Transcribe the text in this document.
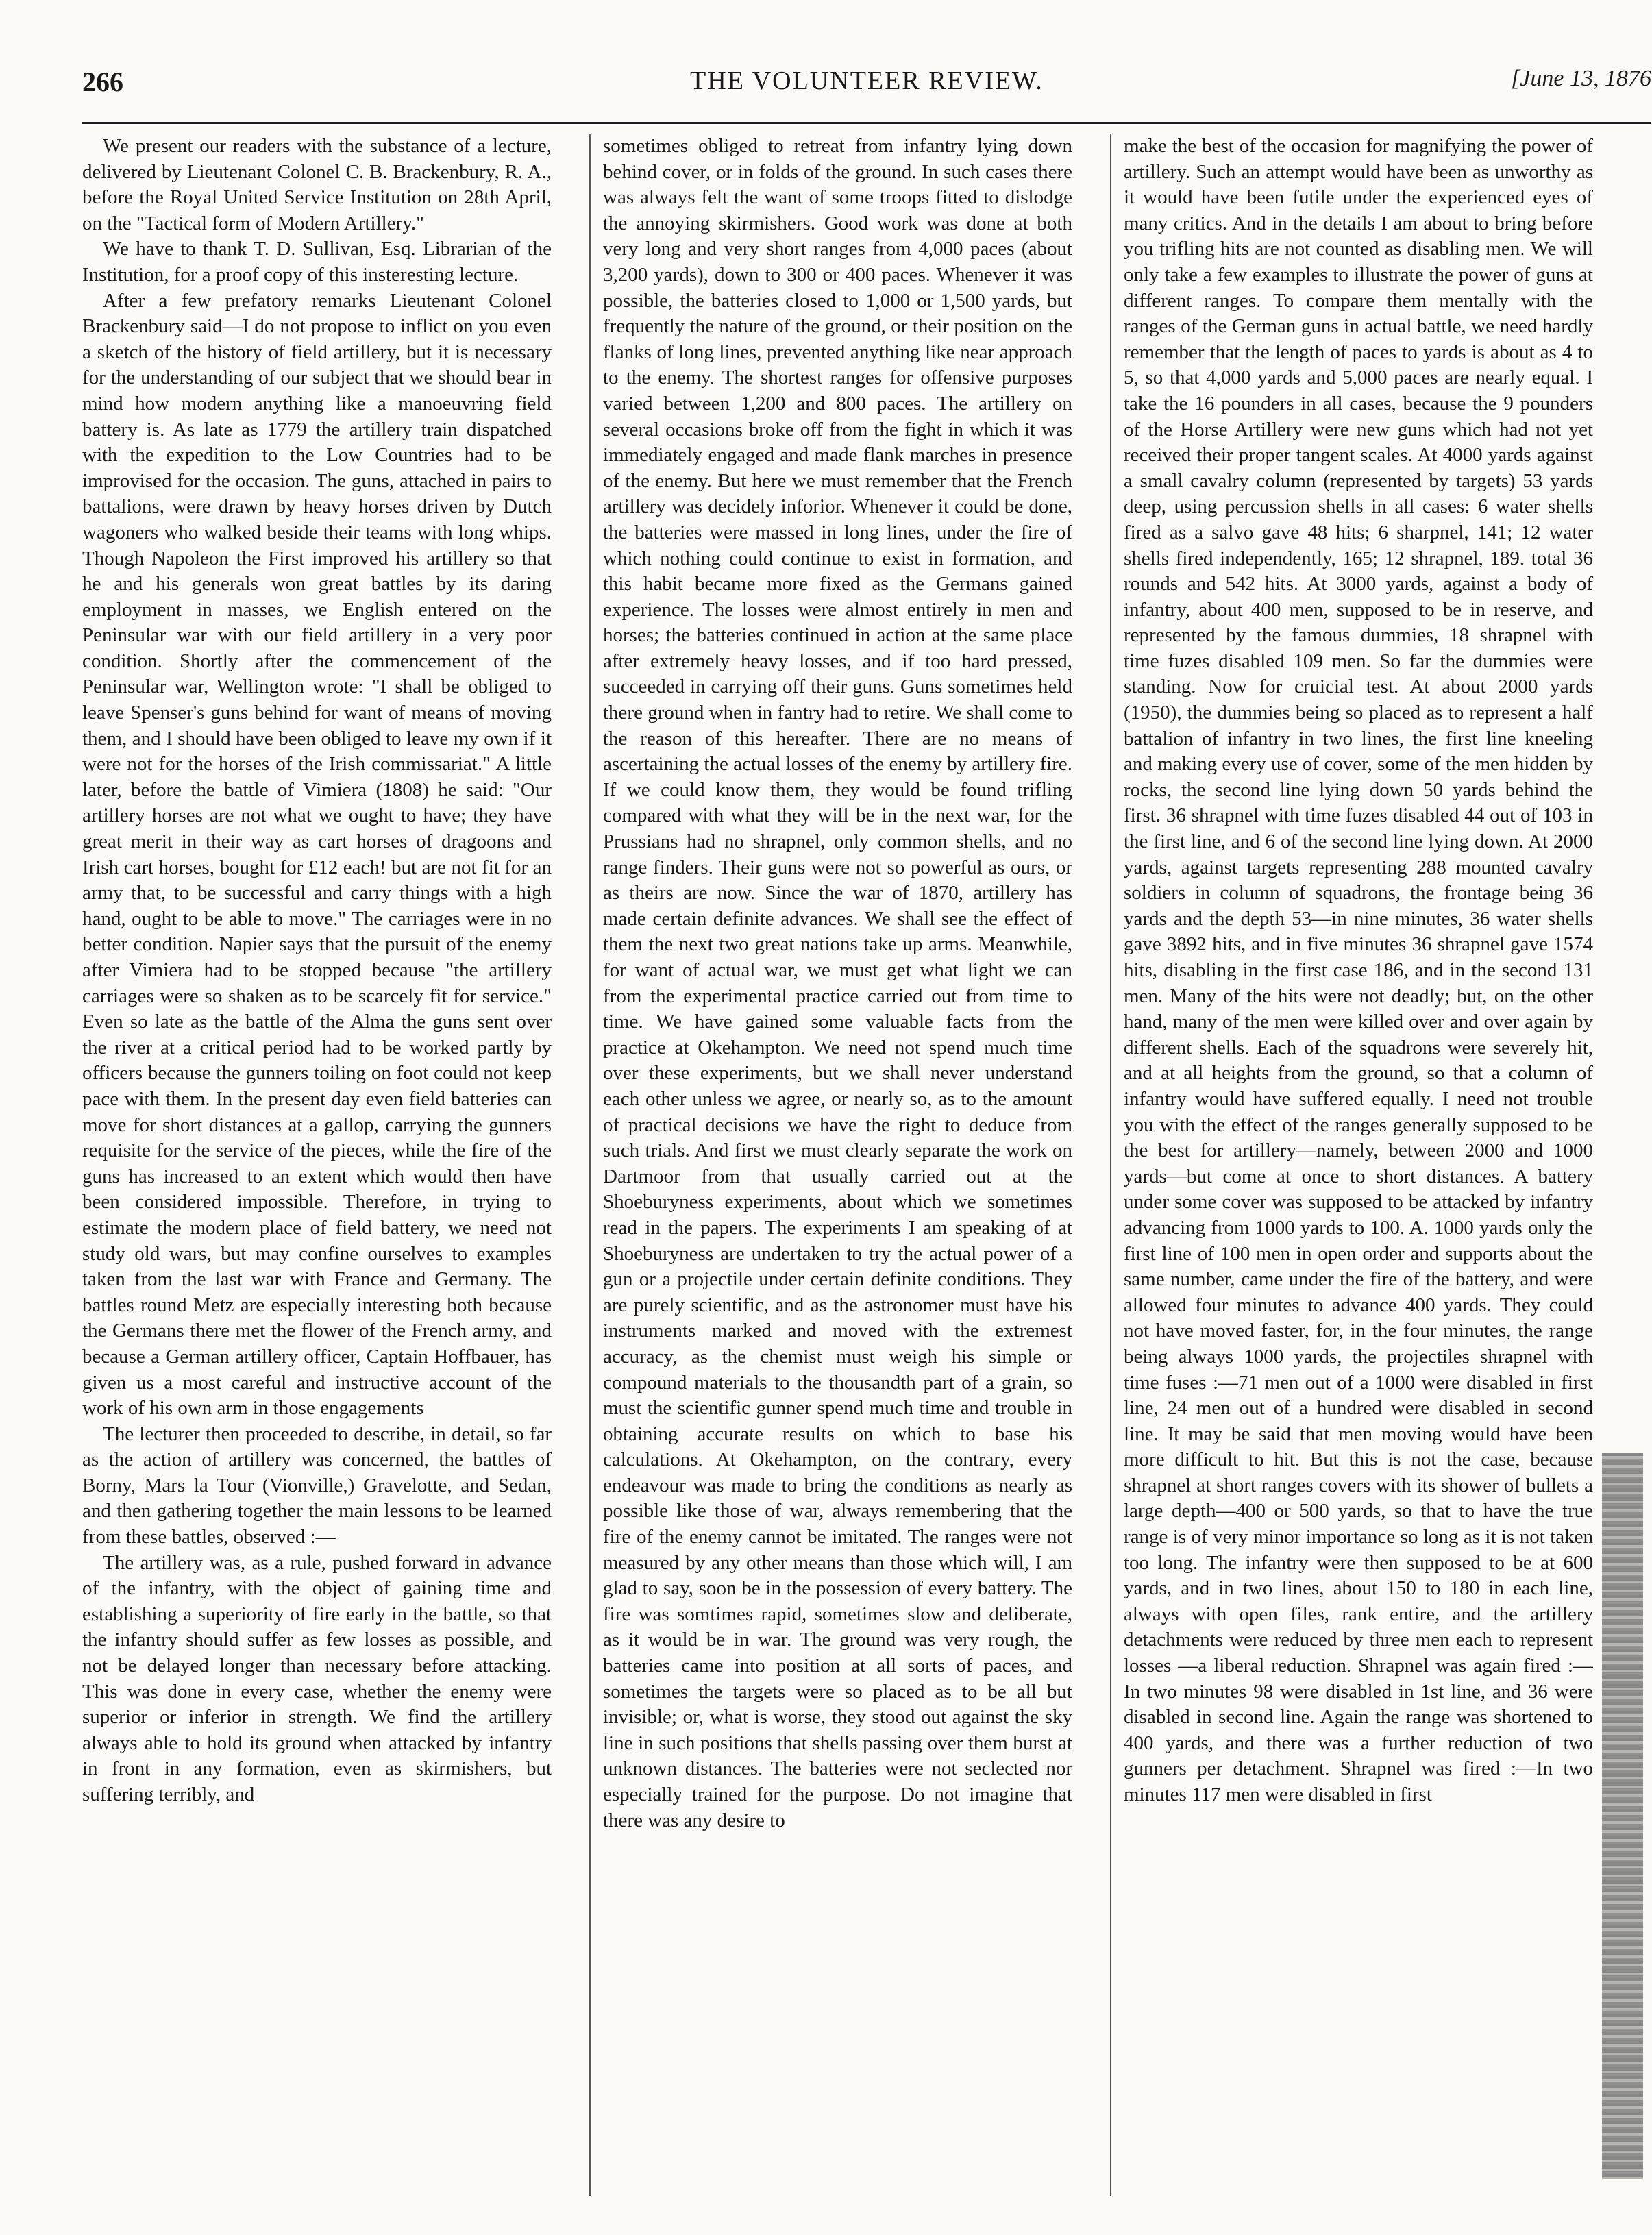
266	THE VOLUNTEER REVIEW.	[June 13, 1876

We present our readers with the substance of a lecture, delivered by Lieutenant Colonel C. B. Brackenbury, R. A., before the Royal United Service Institution on 28th April, on the "Tactical form of Modern Artillery."

We have to thank T. D. Sullivan, Esq. Librarian of the Institution, for a proof copy of this insteresting lecture.

After a few prefatory remarks Lieutenant Colonel Brackenbury said—I do not propose to inflict on you even a sketch of the history of field artillery, but it is necessary for the understanding of our subject that we should bear in mind how modern anything like a manoeuvring field battery is. As late as 1779 the artillery train dispatched with the expedition to the Low Countries had to be improvised for the occasion. The guns, attached in pairs to battalions, were drawn by heavy horses driven by Dutch wagoners who walked beside their teams with long whips. Though Napoleon the First improved his artillery so that he and his generals won great battles by its daring employment in masses, we English entered on the Peninsular war with our field artillery in a very poor condition. Shortly after the commencement of the Peninsular war, Wellington wrote: "I shall be obliged to leave Spenser's guns behind for want of means of moving them, and I should have been obliged to leave my own if it were not for the horses of the Irish commissariat." A little later, before the battle of Vimiera (1808) he said: "Our artillery horses are not what we ought to have; they have great merit in their way as cart horses of dragoons and Irish cart horses, bought for £12 each! but are not fit for an army that, to be successful and carry things with a high hand, ought to be able to move." The carriages were in no better condition. Napier says that the pursuit of the enemy after Vimiera had to be stopped because "the artillery carriages were so shaken as to be scarcely fit for service." Even so late as the battle of the Alma the guns sent over the river at a critical period had to be worked partly by officers because the gunners toiling on foot could not keep pace with them. In the present day even field batteries can move for short distances at a gallop, carrying the gunners requisite for the service of the pieces, while the fire of the guns has increased to an extent which would then have been considered impossible. Therefore, in trying to estimate the modern place of field battery, we need not study old wars, but may confine ourselves to examples taken from the last war with France and Germany. The battles round Metz are especially interesting both because the Germans there met the flower of the French army, and because a German artillery officer, Captain Hoffbauer, has given us a most careful and instructive account of the work of his own arm in those engagements

The lecturer then proceeded to describe, in detail, so far as the action of artillery was concerned, the battles of Borny, Mars la Tour (Vionville,) Gravelotte, and Sedan, and then gathering together the main lessons to be learned from these battles, observed :—

The artillery was, as a rule, pushed forward in advance of the infantry, with the object of gaining time and establishing a superiority of fire early in the battle, so that the infantry should suffer as few losses as possible, and not be delayed longer than necessary before attacking. This was done in every case, whether the enemy were superior or inferior in strength. We find the artillery always able to hold its ground when attacked by infantry in front in any formation, even as skirmishers, but suffering terribly, and

sometimes obliged to retreat from infantry lying down behind cover, or in folds of the ground. In such cases there was always felt the want of some troops fitted to dislodge the annoying skirmishers. Good work was done at both very long and very short ranges from 4,000 paces (about 3,200 yards), down to 300 or 400 paces. Whenever it was possible, the batteries closed to 1,000 or 1,500 yards, but frequently the nature of the ground, or their position on the flanks of long lines, prevented anything like near approach to the enemy. The shortest ranges for offensive purposes varied between 1,200 and 800 paces. The artillery on several occasions broke off from the fight in which it was immediately engaged and made flank marches in presence of the enemy. But here we must remember that the French artillery was decidely inforior. Whenever it could be done, the batteries were massed in long lines, under the fire of which nothing could continue to exist in formation, and this habit became more fixed as the Germans gained experience. The losses were almost entirely in men and horses; the batteries continued in action at the same place after extremely heavy losses, and if too hard pressed, succeeded in carrying off their guns. Guns sometimes held there ground when in fantry had to retire. We shall come to the reason of this hereafter. There are no means of ascertaining the actual losses of the enemy by artillery fire. If we could know them, they would be found trifling compared with what they will be in the next war, for the Prussians had no shrapnel, only common shells, and no range finders. Their guns were not so powerful as ours, or as theirs are now. Since the war of 1870, artillery has made certain definite advances. We shall see the effect of them the next two great nations take up arms. Meanwhile, for want of actual war, we must get what light we can from the experimental practice carried out from time to time. We have gained some valuable facts from the practice at Okehampton. We need not spend much time over these experiments, but we shall never understand each other unless we agree, or nearly so, as to the amount of practical decisions we have the right to deduce from such trials. And first we must clearly separate the work on Dartmoor from that usually carried out at the Shoeburyness experiments, about which we sometimes read in the papers. The experiments I am speaking of at Shoeburyness are undertaken to try the actual power of a gun or a projectile under certain definite conditions. They are purely scientific, and as the astronomer must have his instruments marked and moved with the extremest accuracy, as the chemist must weigh his simple or compound materials to the thousandth part of a grain, so must the scientific gunner spend much time and trouble in obtaining accurate results on which to base his calculations. At Okehampton, on the contrary, every endeavour was made to bring the conditions as nearly as possible like those of war, always remembering that the fire of the enemy cannot be imitated. The ranges were not measured by any other means than those which will, I am glad to say, soon be in the possession of every battery. The fire was somtimes rapid, sometimes slow and deliberate, as it would be in war. The ground was very rough, the batteries came into position at all sorts of paces, and sometimes the targets were so placed as to be all but invisible; or, what is worse, they stood out against the sky line in such positions that shells passing over them burst at unknown distances. The batteries were not seclected nor especially trained for the purpose. Do not imagine that there was any desire to

make the best of the occasion for magnifying the power of artillery. Such an attempt would have been as unworthy as it would have been futile under the experienced eyes of many critics. And in the details I am about to bring before you trifling hits are not counted as disabling men. We will only take a few examples to illustrate the power of guns at different ranges. To compare them mentally with the ranges of the German guns in actual battle, we need hardly remember that the length of paces to yards is about as 4 to 5, so that 4,000 yards and 5,000 paces are nearly equal. I take the 16 pounders in all cases, because the 9 pounders of the Horse Artillery were new guns which had not yet received their proper tangent scales. At 4000 yards against a small cavalry column (represented by targets) 53 yards deep, using percussion shells in all cases: 6 water shells fired as a salvo gave 48 hits; 6 sharpnel, 141; 12 water shells fired independently, 165; 12 shrapnel, 189. total 36 rounds and 542 hits. At 3000 yards, against a body of infantry, about 400 men, supposed to be in reserve, and represented by the famous dummies, 18 shrapnel with time fuzes disabled 109 men. So far the dummies were standing. Now for cruicial test. At about 2000 yards (1950), the dummies being so placed as to represent a half battalion of infantry in two lines, the first line kneeling and making every use of cover, some of the men hidden by rocks, the second line lying down 50 yards behind the first. 36 shrapnel with time fuzes disabled 44 out of 103 in the first line, and 6 of the second line lying down. At 2000 yards, against targets representing 288 mounted cavalry soldiers in column of squadrons, the frontage being 36 yards and the depth 53—in nine minutes, 36 water shells gave 3892 hits, and in five minutes 36 shrapnel gave 1574 hits, disabling in the first case 186, and in the second 131 men. Many of the hits were not deadly; but, on the other hand, many of the men were killed over and over again by different shells. Each of the squadrons were severely hit, and at all heights from the ground, so that a column of infantry would have suffered equally. I need not trouble you with the effect of the ranges generally supposed to be the best for artillery—namely, between 2000 and 1000 yards—but come at once to short distances. A battery under some cover was supposed to be attacked by infantry advancing from 1000 yards to 100. A. 1000 yards only the first line of 100 men in open order and supports about the same number, came under the fire of the battery, and were allowed four minutes to advance 400 yards. They could not have moved faster, for, in the four minutes, the range being always 1000 yards, the projectiles shrapnel with time fuses :—71 men out of a 1000 were disabled in first line, 24 men out of a hundred were disabled in second line. It may be said that men moving would have been more difficult to hit. But this is not the case, because shrapnel at short ranges covers with its shower of bullets a large depth—400 or 500 yards, so that to have the true range is of very minor importance so long as it is not taken too long. The infantry were then supposed to be at 600 yards, and in two lines, about 150 to 180 in each line, always with open files, rank entire, and the artillery detachments were reduced by three men each to represent losses —a liberal reduction. Shrapnel was again fired :—In two minutes 98 were disabled in 1st line, and 36 were disabled in second line. Again the range was shortened to 400 yards, and there was a further reduction of two gunners per detachment. Shrapnel was fired :—In two minutes 117 men were disabled in first
